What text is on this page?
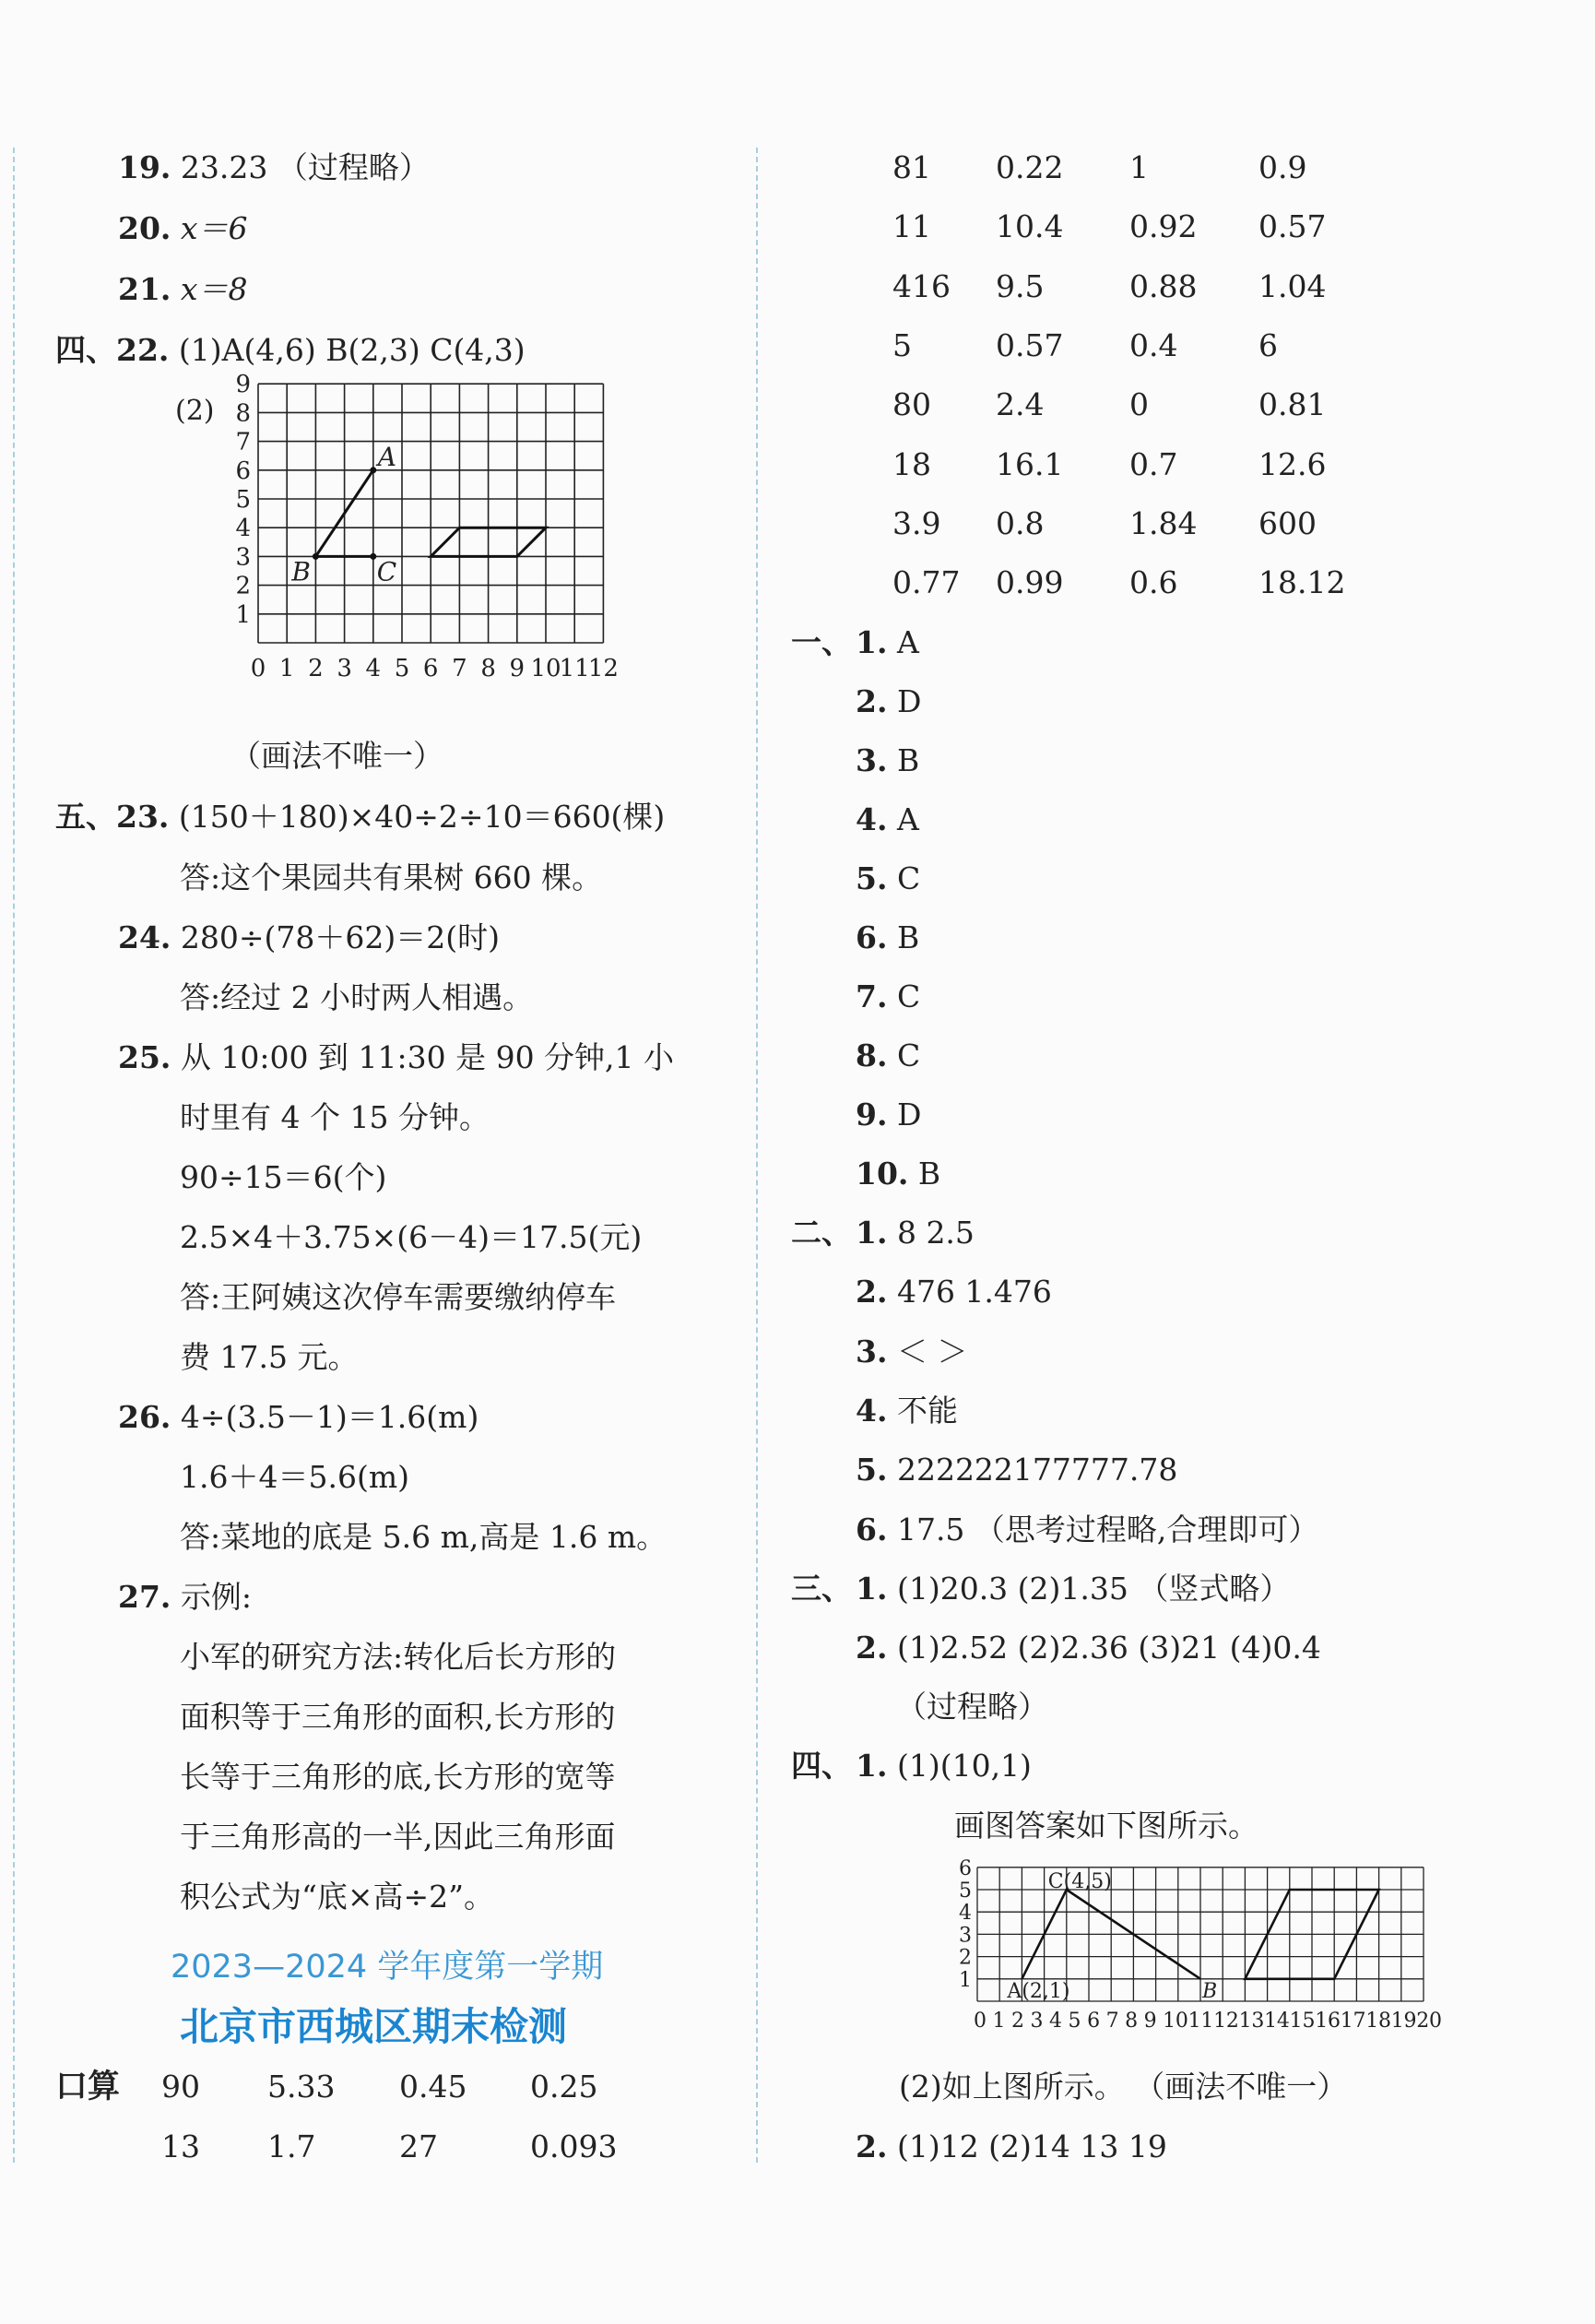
19. 23.23 （过程略）
20. x＝6
21. x＝8
四、22. (1)A(4,6) B(2,3) C(4,3)
(2)
0 1 2 3 4 5 6 7 8 9 10
11
12
1
2
3
4
5
6
7
8
9
A
B	C
（画法不唯一）
五、23. (150＋180)×40÷2÷10＝660(棵)
答:这个果园共有果树 660 棵。
24. 280÷(78＋62)＝2(时)
答:经过 2 小时两人相遇。
25. 从 10:00 到 11:30 是 90 分钟,1 小
时里有 4 个 15 分钟。
90÷15＝6(个)
2.5×4＋3.75×(6－4)＝17.5(元)
答:王阿姨这次停车需要缴纳停车
费 17.5 元。
26. 4÷(3.5－1)＝1.6(m)
1.6＋4＝5.6(m)
答:菜地的底是 5.6 m,高是 1.6 m。
27. 示例:
小军的研究方法:转化后长方形的
面积等于三角形的面积,长方形的
长等于三角形的底,长方形的宽等
于三角形高的一半,因此三角形面
积公式为“底×高÷2”。
2023—2024 学年度第一学期
北京市西城区期末检测
口算 90 5.33 0.45 0.25
13 1.7	27	0.093
81 0.22 1	0.9
11 10.4 0.92 0.57
416 9.5	0.88 1.04
5	0.57 0.4	6
80 2.4	0	0.81
18 16.1 0.7	12.6
3.9 0.8	1.84 600
0.77 0.99 0.6	18.12
一、 1. A
2. D
3. B
4. A
5. C
6. B
7. C
8. C
9. D
10. B
二、 1. 8 2.5
2. 476 1.476
3. ＜ ＞
4. 不能
5. 222222177777.78
6. 17.5 （思考过程略,合理即可）
三、 1. (1)20.3 (2)1.35 （竖式略）
2. (1)2.52 (2)2.36 (3)21 (4)0.4
（过程略）
四、 1. (1)(10,1)
画图答案如下图所示。
0 1 2 3 4 5 6 7 8 9 1011121314151617181920
1
2
3
4
5
6
C(4,5)
A(2,1)	B
(2)如上图所示。 （画法不唯一）
2. (1)12 (2)14 13 19
